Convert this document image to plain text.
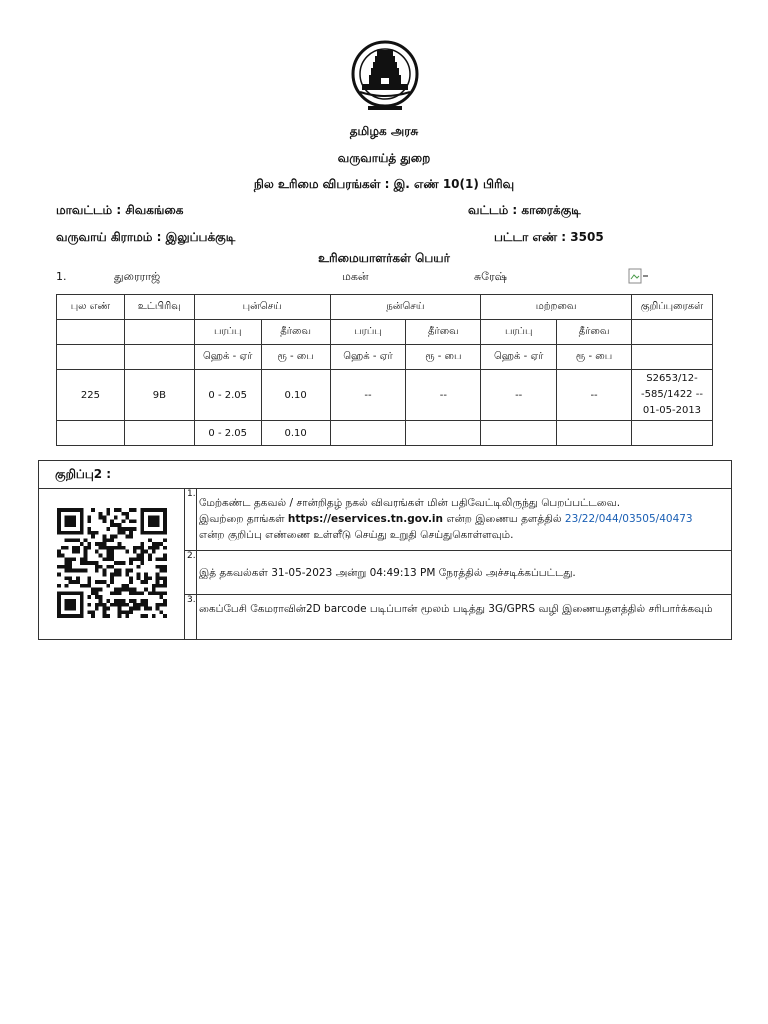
தமிழக அரசு
வருவாய்த் துறை
நில உரிமை விபரங்கள் : இ. எண் 10(1) பிரிவு
மாவட்டம் : சிவகங்கை	வட்டம் : காரைக்குடி
வருவாய் கிராமம் : இலுப்பக்குடி	பட்டா எண் : 3505
உரிமையாளர்கள் பெயர்
1.	துரைராஜ்	மகன்	சுரேஷ்
புல எண்	உட்பிரிவு	புன்செய்		நன்செய்		மற்றவை		குறிப்புரைகள்
		பரப்பு	தீர்வை	பரப்பு	தீர்வை	பரப்பு	தீர்வை	
		ஹெக் - ஏர்	ரூ - பை	ஹெக் - ஏர்	ரூ - பை	ஹெக் - ஏர்	ரூ - பை	
225	9B	0 - 2.05	0.10	--	--	--	--	S2653/12--585/1422 -- 01-05-2013
		0 - 2.05	0.10					
குறிப்பு2 :
1.
மேற்கண்ட தகவல் / சான்றிதழ் நகல் விவரங்கள் மின் பதிவேட்டிலிருந்து பெறப்பட்டவை.
இவற்றை தாங்கள் https://eservices.tn.gov.in என்ற இணைய தளத்தில் 23/22/044/03505/40473
என்ற குறிப்பு எண்ணை உள்ளீடு செய்து உறுதி செய்துகொள்ளவும்.
2.
இத் தகவல்கள் 31-05-2023 அன்று 04:49:13 PM நேரத்தில் அச்சடிக்கப்பட்டது.
3.
கைப்பேசி கேமராவின்2D barcode படிப்பான் மூலம் படித்து 3G/GPRS வழி இணையதளத்தில் சரிபார்க்கவும்
